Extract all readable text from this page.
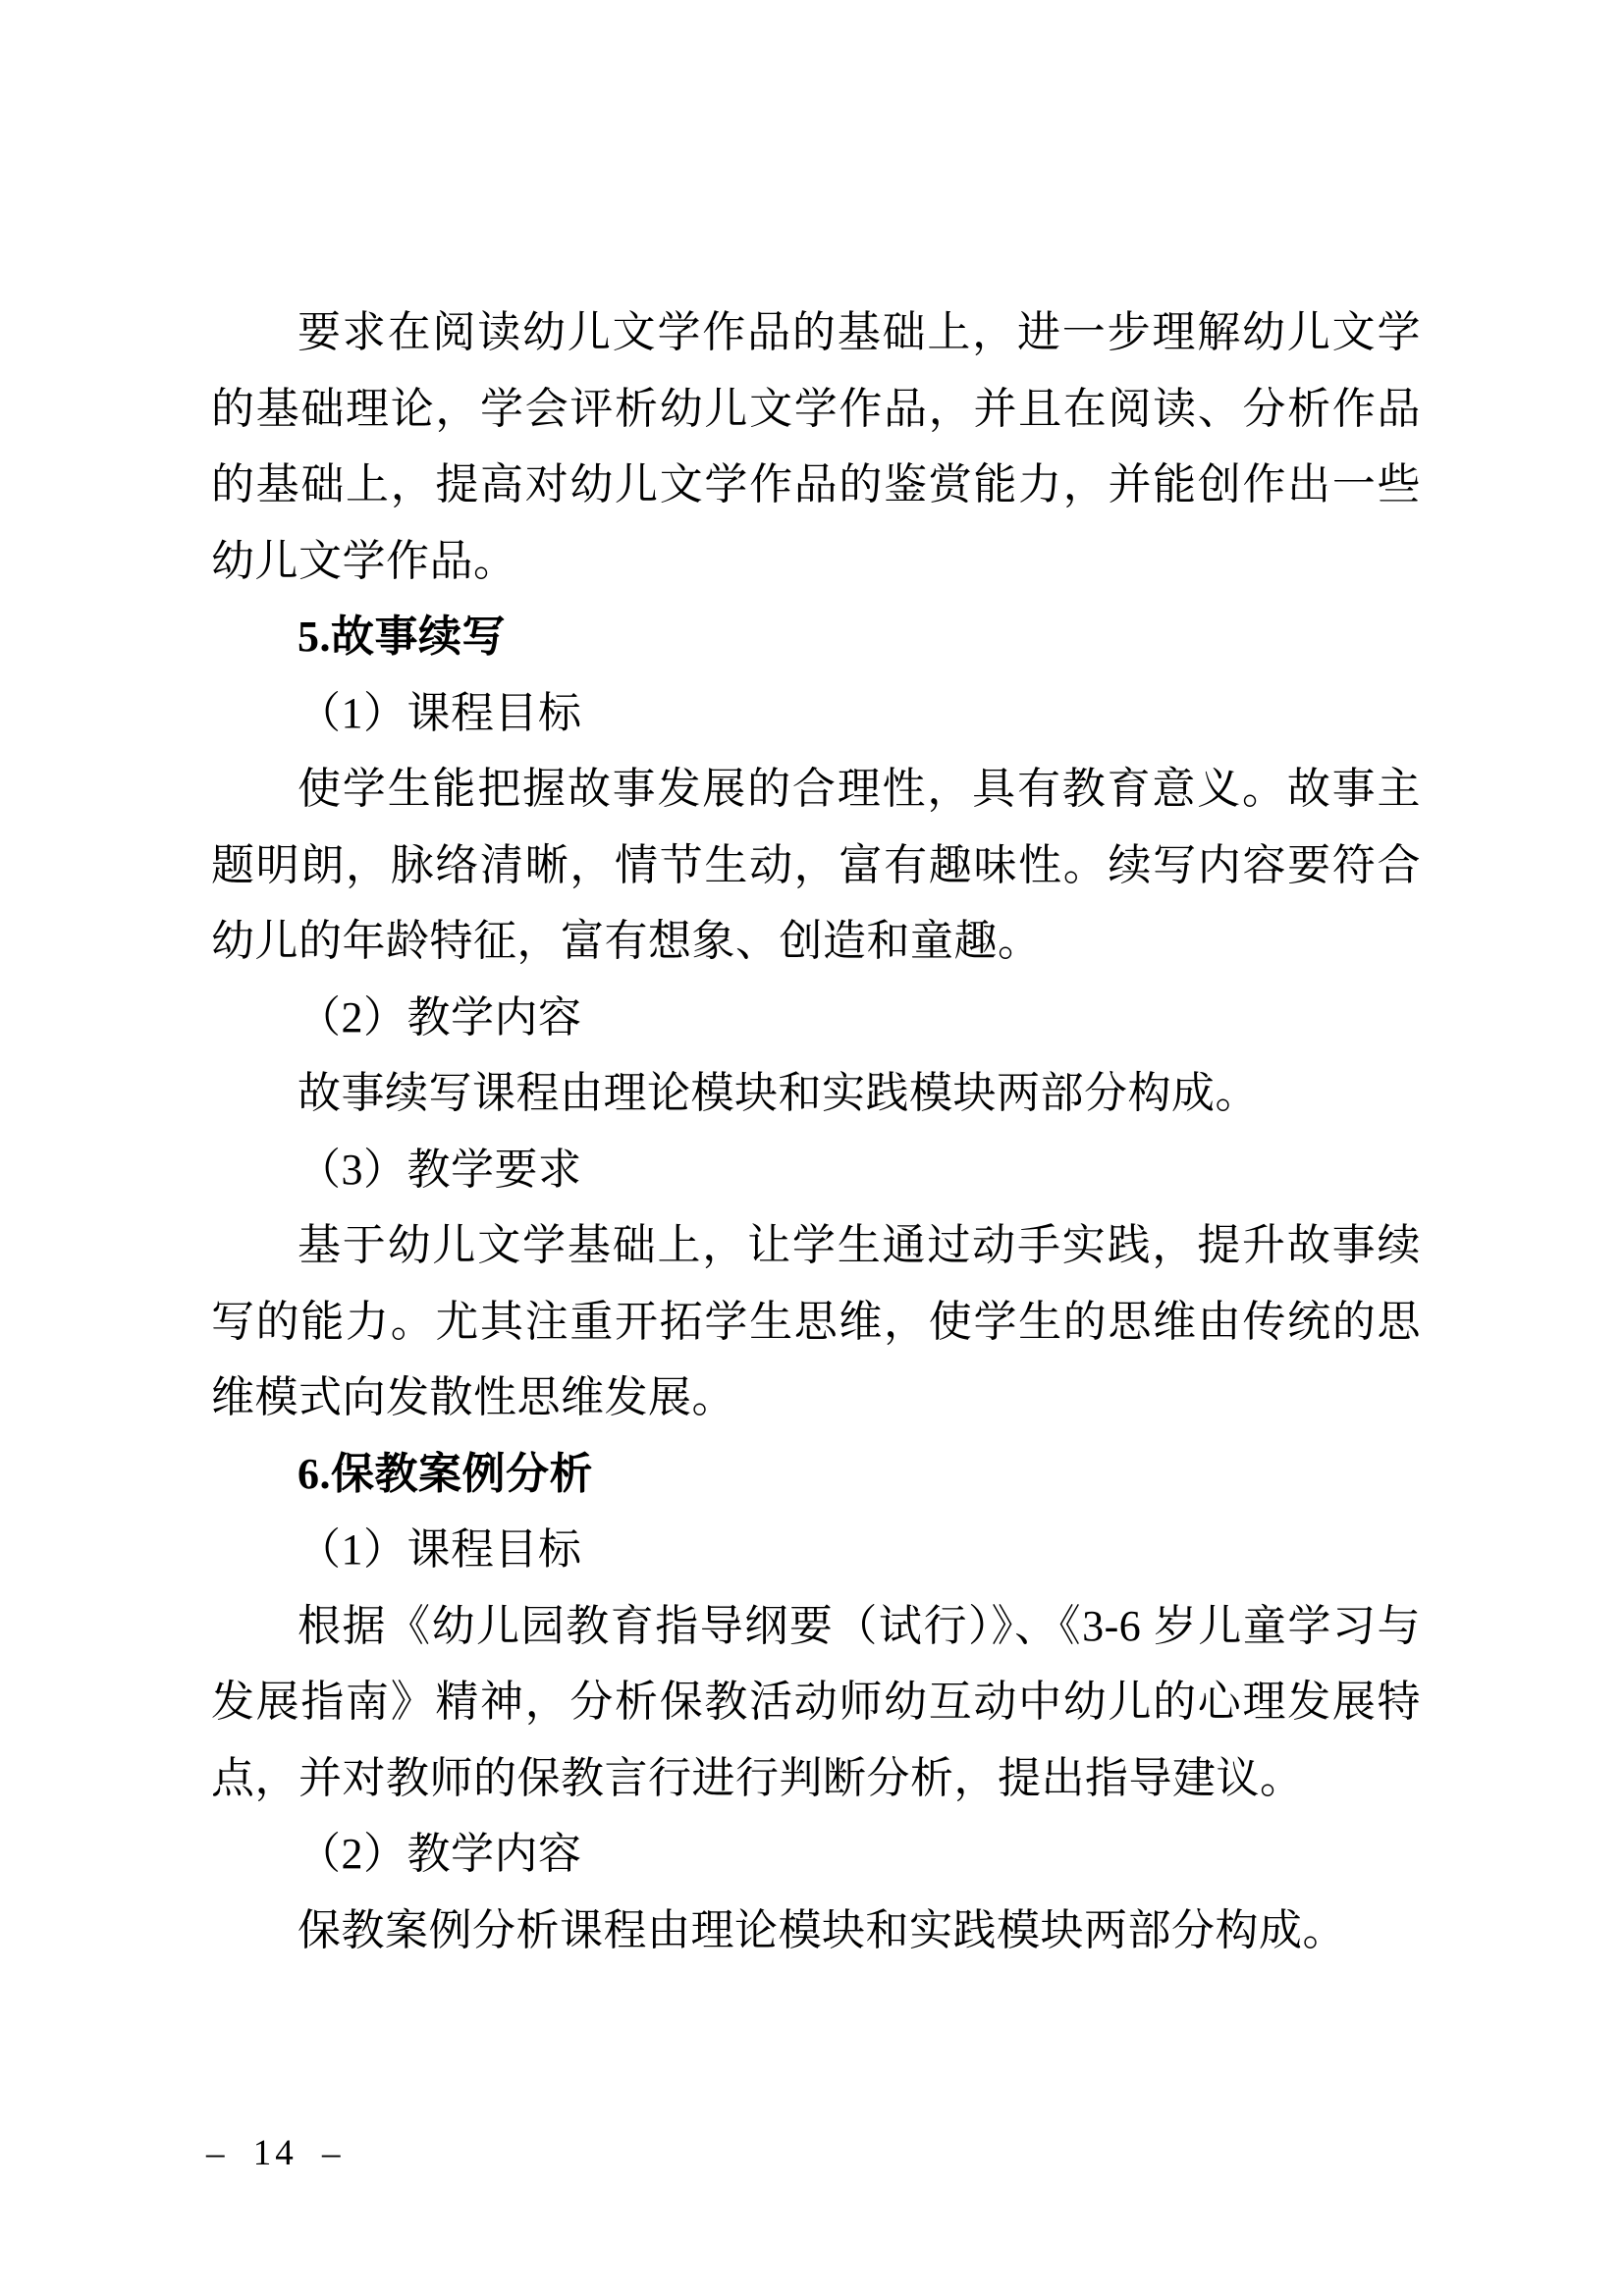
要求在阅读幼儿文学作品的基础上，进一步理解幼儿文学的基础理论，学会评析幼儿文学作品，并且在阅读、分析作品的基础上，提高对幼儿文学作品的鉴赏能力，并能创作出一些幼儿文学作品。

5.故事续写

（1）课程目标

使学生能把握故事发展的合理性，具有教育意义。故事主题明朗，脉络清晰，情节生动，富有趣味性。续写内容要符合幼儿的年龄特征，富有想象、创造和童趣。

（2）教学内容

故事续写课程由理论模块和实践模块两部分构成。

（3）教学要求

基于幼儿文学基础上，让学生通过动手实践，提升故事续写的能力。尤其注重开拓学生思维，使学生的思维由传统的思维模式向发散性思维发展。

6.保教案例分析

（1）课程目标

根据《幼儿园教育指导纲要（试行）》、《3-6 岁儿童学习与发展指南》精神，分析保教活动师幼互动中幼儿的心理发展特点，并对教师的保教言行进行判断分析，提出指导建议。

（2）教学内容

保教案例分析课程由理论模块和实践模块两部分构成。

– 14 –
